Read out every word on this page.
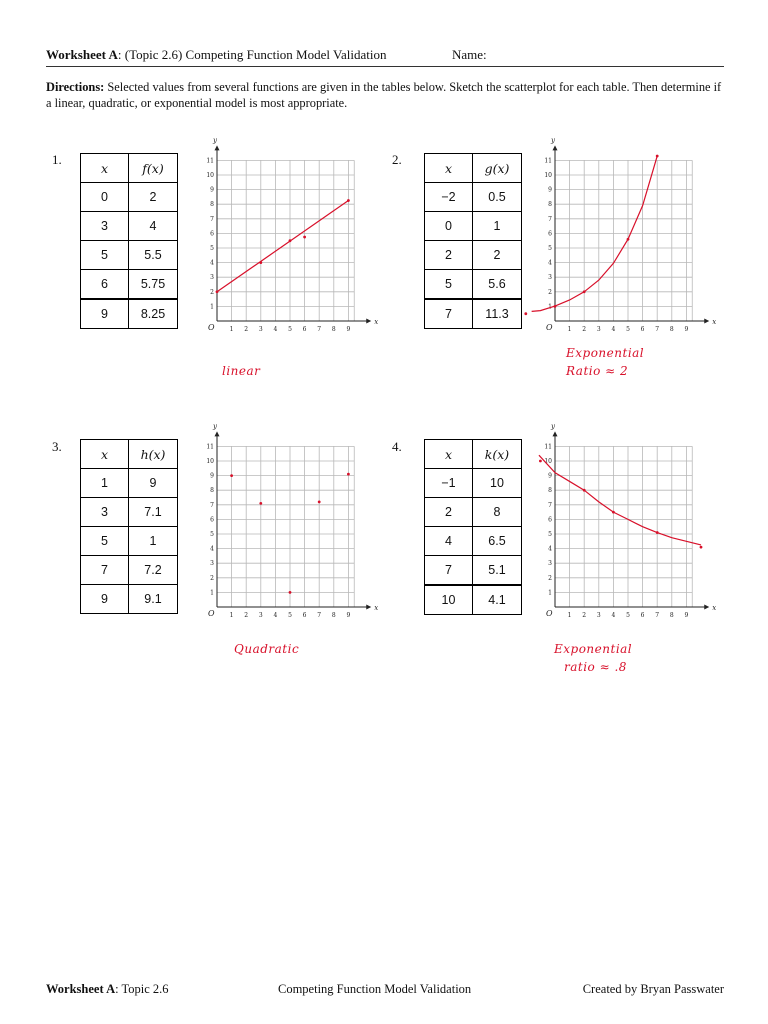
Worksheet A: (Topic 2.6) Competing Function Model Validation	Name:
Directions: Selected values from several functions are given in the tables below. Sketch the scatterplot for each table. Then determine if a linear, quadratic, or exponential model is most appropriate.
1.
x	f(x)
0	2
3	4
5	5.5
6	5.75
9	8.25
x
y
O	1 2 3 4 5 6 7 8 9
1
2
3
4
5
6
7
8
9
10
11
linear
2.
x	g(x)
−2	0.5
0	1
2	2
5	5.6
7	11.3
x
y
O	1 2 3 4 5 6 7 8 9
1
2
3
4
5
6
7
8
9
10
11
Exponential
Ratio ≈ 2
3.	x	h(x)
1	9
3	7.1
5	1
7	7.2
9	9.1
x
y
O	1 2 3 4 5 6 7 8 9
1
2
3
4
5
6
7
8
9
10
11
Quadratic
4.	x	k(x)
−1	10
2	8
4	6.5
7	5.1
10	4.1
x
y
O	1 2 3 4 5 6 7 8 9
1
2
3
4
5
6
7
8
9
10
11
Exponential
ratio ≈ .8
Worksheet A: Topic 2.6	Competing Function Model Validation	Created by Bryan Passwater
